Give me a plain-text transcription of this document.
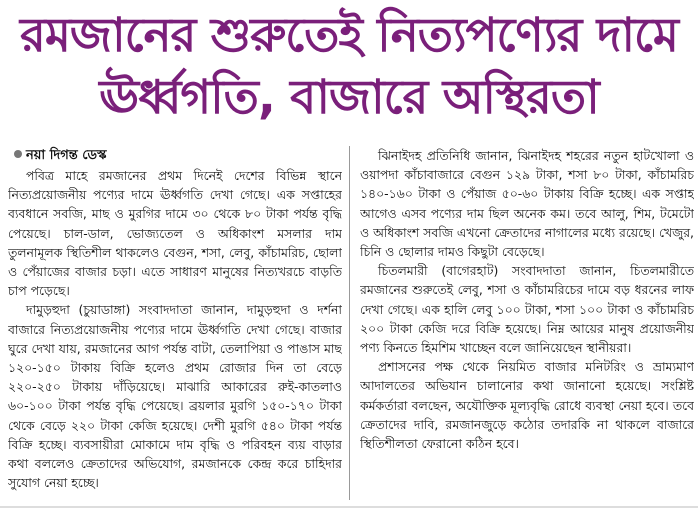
রমজানের শুরুতেই নিত্যপণ্যের দামে
ঊর্ধ্বগতি, বাজারে অস্থিরতা
নয়া দিগন্ত ডেস্ক

পবিত্র মাহে রমজানের প্রথম দিনেই দেশের বিভিন্ন স্থানে নিত্যপ্রয়োজনীয় পণ্যের দামে ঊর্ধ্বগতি দেখা গেছে। এক সপ্তাহের ব্যবধানে সবজি, মাছ ও মুরগির দামে ৩০ থেকে ৮০ টাকা পর্যন্ত বৃদ্ধি পেয়েছে। চাল-ডাল, ভোজ্যতেল ও অধিকাংশ মসলার দাম তুলনামূলক স্থিতিশীল থাকলেও বেগুন, শসা, লেবু, কাঁচামরিচ, ছোলা ও পেঁয়াজের বাজার চড়া। এতে সাধারণ মানুষের নিত্যখরচে বাড়তি চাপ পড়েছে।

দামুড়হুদা (চুয়াডাঙ্গা) সংবাদদাতা জানান, দামুড়হুদা ও দর্শনা বাজারে নিত্যপ্রয়োজনীয় পণ্যের দামে ঊর্ধ্বগতি দেখা গেছে। বাজার ঘুরে দেখা যায়, রমজানের আগ পর্যন্ত বাটা, তেলাপিয়া ও পাঙাস মাছ ১২০-১৫০ টাকায় বিক্রি হলেও প্রথম রোজার দিন তা বেড়ে ২২০-২৫০ টাকায় দাঁড়িয়েছে। মাঝারি আকারের রুই-কাতলাও ৬০-১০০ টাকা পর্যন্ত বৃদ্ধি পেয়েছে। ব্রয়লার মুরগি ১৫০-১৭০ টাকা থেকে বেড়ে ২২০ টাকা কেজি হয়েছে। দেশী মুরগি ৫৪০ টাকা পর্যন্ত বিক্রি হচ্ছে। ব্যবসায়ীরা মোকামে দাম বৃদ্ধি ও পরিবহন ব্যয় বাড়ার কথা বললেও ক্রেতাদের অভিযোগ, রমজানকে কেন্দ্র করে চাহিদার সুযোগ নেয়া হচ্ছে।

ঝিনাইদহ প্রতিনিধি জানান, ঝিনাইদহ শহরের নতুন হাটখোলা ও ওয়াপদা কাঁচাবাজারে বেগুন ১২৯ টাকা, শসা ৮০ টাকা, কাঁচামরিচ ১৪০-১৬০ টাকা ও পেঁয়াজ ৫০-৬০ টাকায় বিক্রি হচ্ছে। এক সপ্তাহ আগেও এসব পণ্যের দাম ছিল অনেক কম। তবে আলু, শিম, টমেটো ও অধিকাংশ সবজি এখনো ক্রেতাদের নাগালের মধ্যে রয়েছে। খেজুর, চিনি ও ছোলার দামও কিছুটা বেড়েছে।

চিতলমারী (বাগেরহাট) সংবাদদাতা জানান, চিতলমারীতে রমজানের শুরুতেই লেবু, শসা ও কাঁচামরিচের দামে বড় ধরনের লাফ দেখা গেছে। এক হালি লেবু ১০০ টাকা, শসা ১০০ টাকা ও কাঁচামরিচ ২০০ টাকা কেজি দরে বিক্রি হয়েছে। নিম্ন আয়ের মানুষ প্রয়োজনীয় পণ্য কিনতে হিমশিম খাচ্ছেন বলে জানিয়েছেন স্থানীয়রা।

প্রশাসনের পক্ষ থেকে নিয়মিত বাজার মনিটরিং ও ভ্রাম্যমাণ আদালতের অভিযান চালানোর কথা জানানো হয়েছে। সংশ্লিষ্ট কর্মকর্তারা বলছেন, অযৌক্তিক মূল্যবৃদ্ধি রোধে ব্যবস্থা নেয়া হবে। তবে ক্রেতাদের দাবি, রমজানজুড়ে কঠোর তদারকি না থাকলে বাজারে স্থিতিশীলতা ফেরানো কঠিন হবে।
